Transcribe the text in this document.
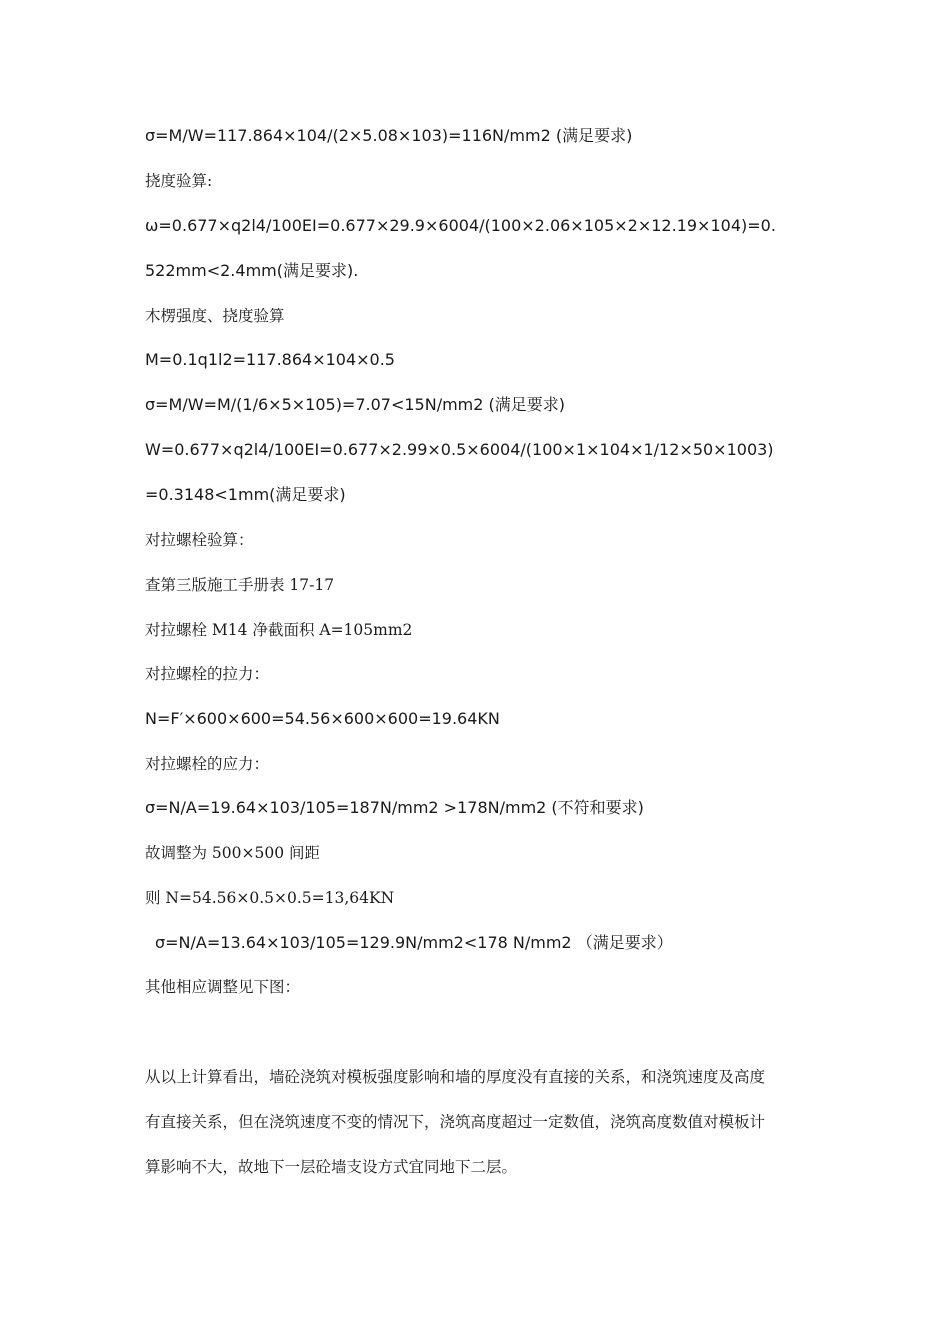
σ=M/W=117.864×104/(2×5.08×103)=116N/mm2 (满足要求)
挠度验算:
ω=0.677×q2l4/100EI=0.677×29.9×6004/(100×2.06×105×2×12.19×104)=0.
522mm<2.4mm(满足要求).
木楞强度、挠度验算
M=0.1q1l2=117.864×104×0.5
σ=M/W=M/(1/6×5×105)=7.07<15N/mm2 (满足要求)
W=0.677×q2l4/100EI=0.677×2.99×0.5×6004/(100×1×104×1/12×50×1003)
=0.3148<1mm(满足要求)
对拉螺栓验算：
查第三版施工手册表 17-17
对拉螺栓 M14 净截面积 A=105mm2
对拉螺栓的拉力：
N=F′×600×600=54.56×600×600=19.64KN
对拉螺栓的应力：
σ=N/A=19.64×103/105=187N/mm2 >178N/mm2 (不符和要求)
故调整为 500×500 间距
则 N=54.56×0.5×0.5=13,64KN
σ=N/A=13.64×103/105=129.9N/mm2<178 N/mm2 （满足要求）
其他相应调整见下图：
从以上计算看出，墙砼浇筑对模板强度影响和墙的厚度没有直接的关系，和浇筑速度及高度
有直接关系，但在浇筑速度不变的情况下，浇筑高度超过一定数值，浇筑高度数值对模板计
算影响不大，故地下一层砼墙支设方式宜同地下二层。
